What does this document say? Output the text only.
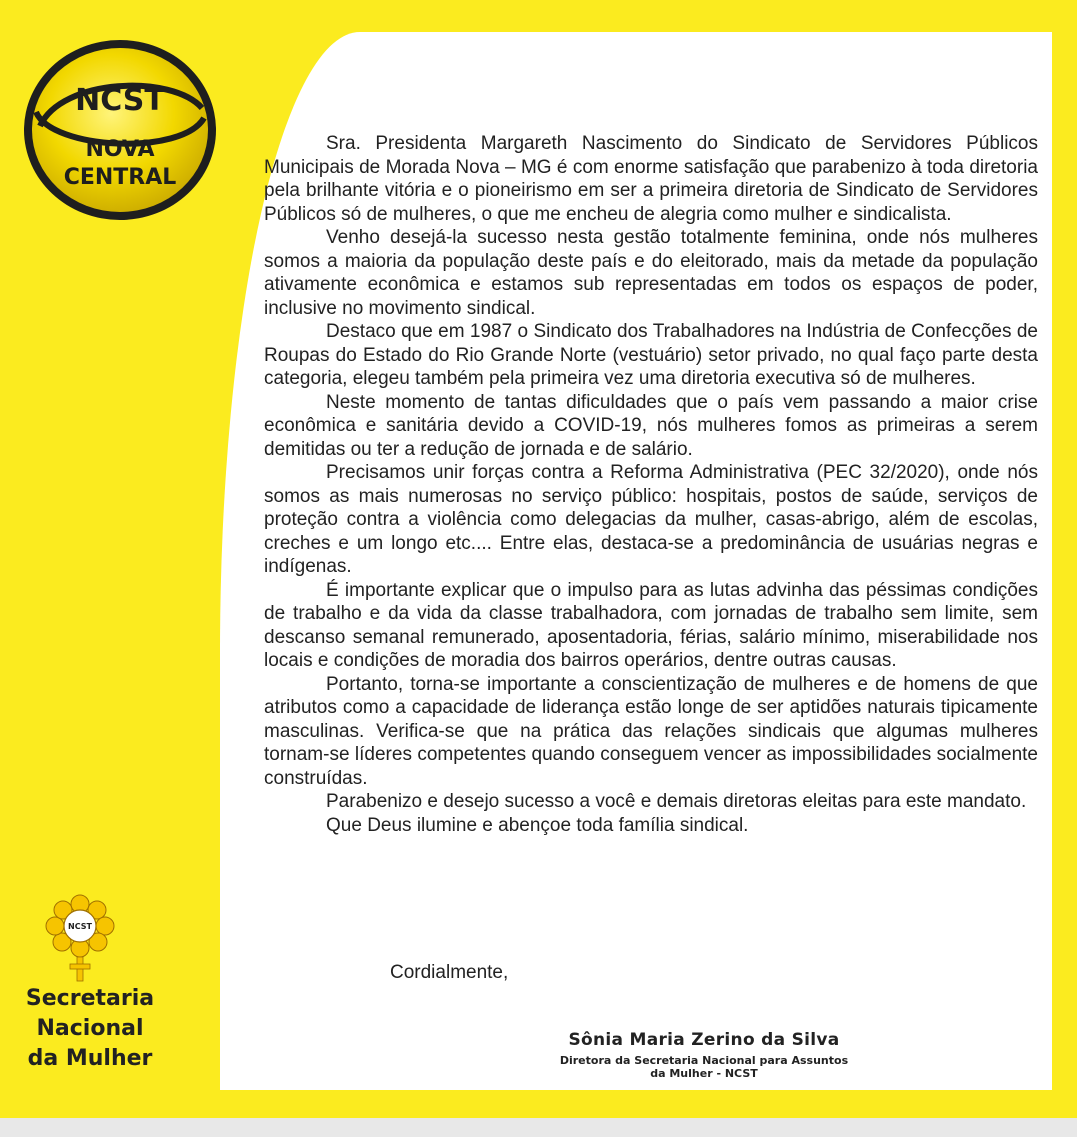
NCST
NOVA
CENTRAL

Sra. Presidenta Margareth Nascimento do Sindicato de Servidores Públicos Municipais de Morada Nova – MG é com enorme satisfação que parabenizo à toda diretoria pela brilhante vitória e o pioneirismo em ser a primeira diretoria de Sindicato de Servidores Públicos só de mulheres, o que me encheu de alegria como mulher e sindicalista.

Venho desejá-la sucesso nesta gestão totalmente feminina, onde nós mulheres somos a maioria da população deste país e do eleitorado, mais da metade da população ativamente econômica e estamos sub representadas em todos os espaços de poder, inclusive no movimento sindical.

Destaco que em 1987 o Sindicato dos Trabalhadores na Indústria de Confecções de Roupas do Estado do Rio Grande Norte (vestuário) setor privado, no qual faço parte desta categoria, elegeu também pela primeira vez uma diretoria executiva só de mulheres.

Neste momento de tantas dificuldades que o país vem passando a maior crise econômica e sanitária devido a COVID-19, nós mulheres fomos as primeiras a serem demitidas ou ter a redução de jornada e de salário.

Precisamos unir forças contra a Reforma Administrativa (PEC 32/2020), onde nós somos as mais numerosas no serviço público: hospitais, postos de saúde, serviços de proteção contra a violência como delegacias da mulher, casas-abrigo, além de escolas, creches e um longo etc.... Entre elas, destaca-se a predominância de usuárias negras e indígenas.

É importante explicar que o impulso para as lutas advinha das péssimas condições de trabalho e da vida da classe trabalhadora, com jornadas de trabalho sem limite, sem descanso semanal remunerado, aposentadoria, férias, salário mínimo, miserabilidade nos locais e condições de moradia dos bairros operários, dentre outras causas.

Portanto, torna-se importante a conscientização de mulheres e de homens de que atributos como a capacidade de liderança estão longe de ser aptidões naturais tipicamente masculinas. Verifica-se que na prática das relações sindicais que algumas mulheres tornam-se líderes competentes quando conseguem vencer as impossibilidades socialmente construídas.

Parabenizo e desejo sucesso a você e demais diretoras eleitas para este mandato.

Que Deus ilumine e abençoe toda família sindical.

Cordialmente,
Sônia Maria Zerino da Silva
Diretora da Secretaria Nacional para Assuntos
da Mulher - NCST
NCST
Secretaria
Nacional
da Mulher
